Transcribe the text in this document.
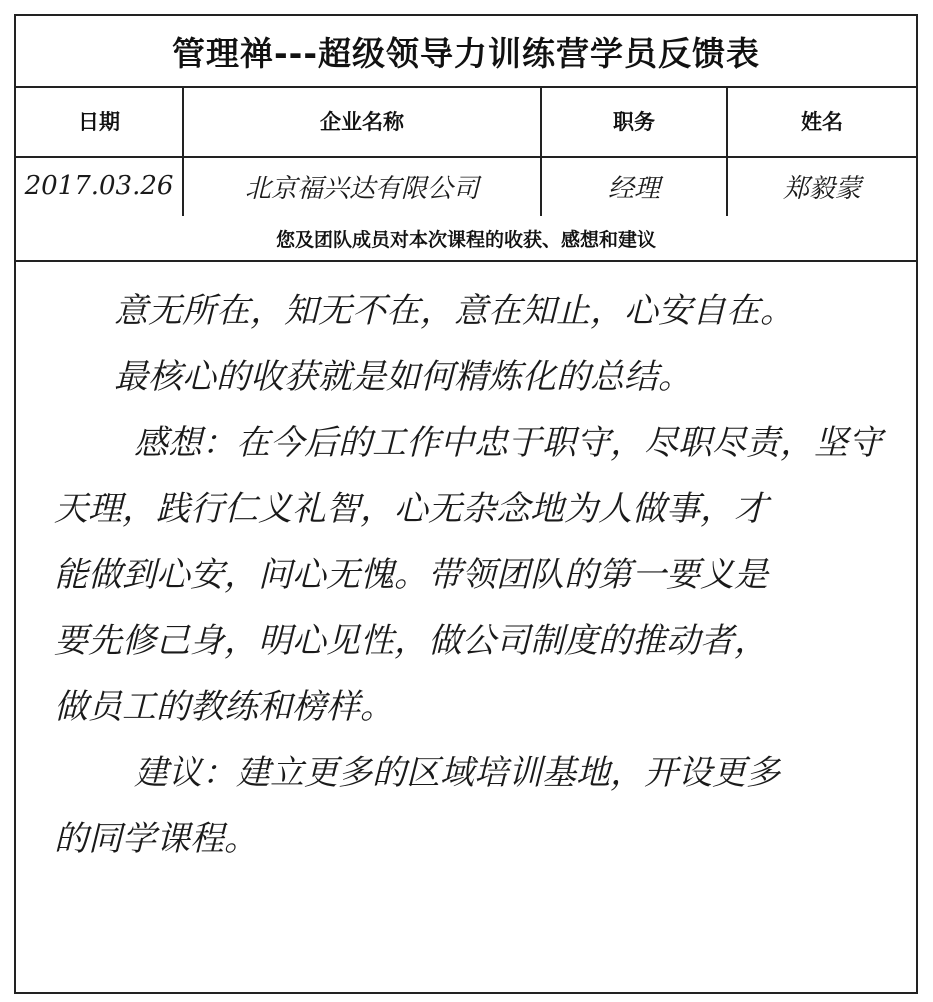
管理禅---超级领导力训练营学员反馈表
日期	企业名称	职务	姓名
2017.03.26	北京福兴达有限公司	经理	郑毅蒙
您及团队成员对本次课程的收获、感想和建议

意无所在，知无不在，意在知止，心安自在。

最核心的收获就是如何精炼化的总结。

感想：在今后的工作中忠于职守，尽职尽责，坚守

天理，践行仁义礼智，心无杂念地为人做事，才

能做到心安，问心无愧。带领团队的第一要义是

要先修己身，明心见性，做公司制度的推动者，

做员工的教练和榜样。

建议：建立更多的区域培训基地，开设更多

的同学课程。
